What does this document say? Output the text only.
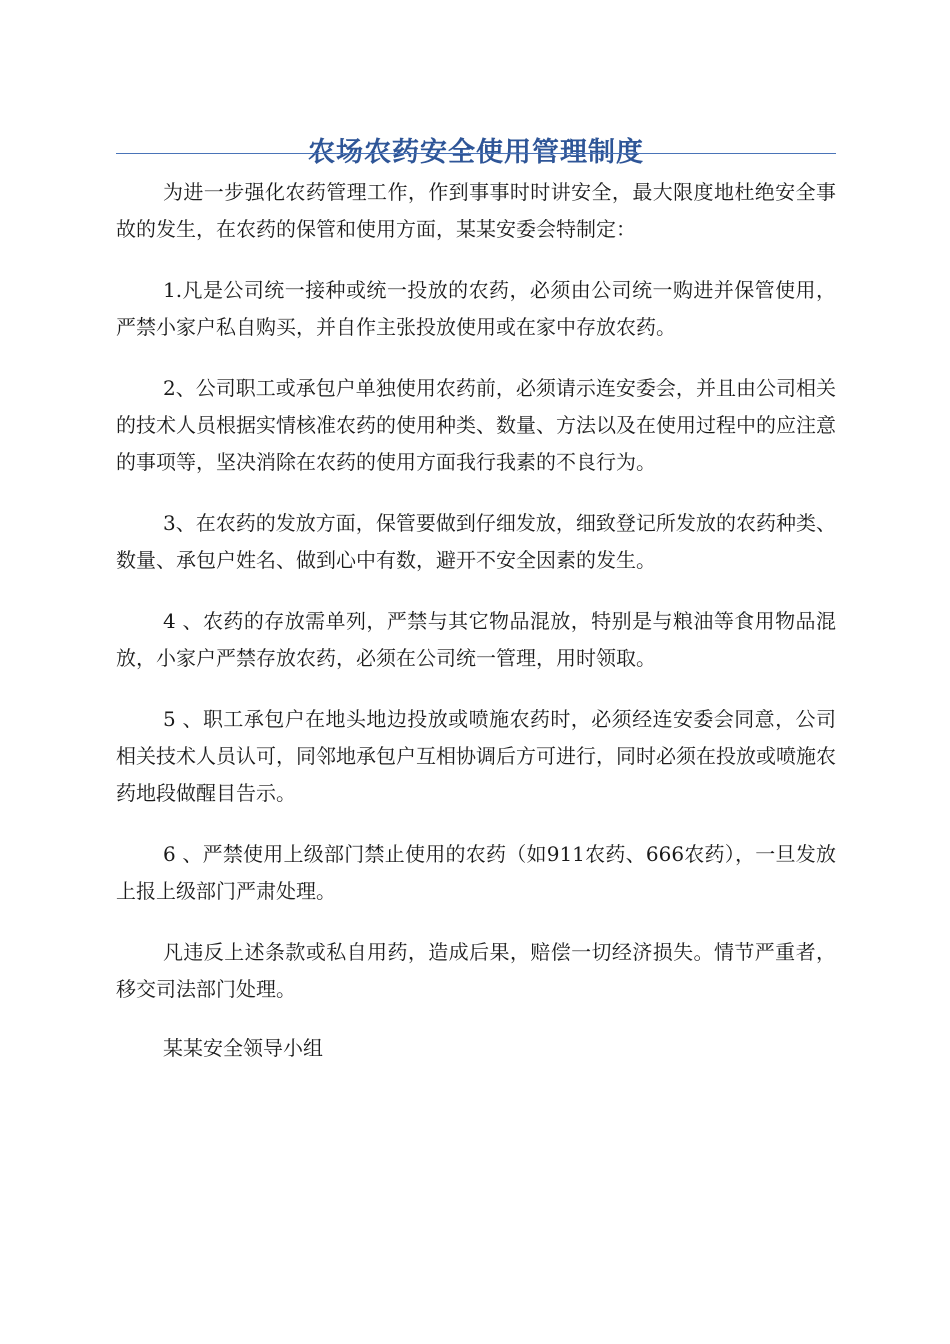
农场农药安全使用管理制度

为进一步强化农药管理工作，作到事事时时讲安全，最大限度地杜绝安全事故的发生，在农药的保管和使用方面，某某安委会特制定：

1.凡是公司统一接种或统一投放的农药，必须由公司统一购进并保管使用，严禁小家户私自购买，并自作主张投放使用或在家中存放农药。

2、公司职工或承包户单独使用农药前，必须请示连安委会，并且由公司相关的技术人员根据实情核准农药的使用种类、数量、方法以及在使用过程中的应注意的事项等，坚决消除在农药的使用方面我行我素的不良行为。

3、在农药的发放方面，保管要做到仔细发放，细致登记所发放的农药种类、数量、承包户姓名、做到心中有数，避开不安全因素的发生。

4 、农药的存放需单列，严禁与其它物品混放，特别是与粮油等食用物品混放，小家户严禁存放农药，必须在公司统一管理，用时领取。

5 、职工承包户在地头地边投放或喷施农药时，必须经连安委会同意，公司相关技术人员认可，同邻地承包户互相协调后方可进行，同时必须在投放或喷施农药地段做醒目告示。

6 、严禁使用上级部门禁止使用的农药（如911农药、666农药），一旦发放上报上级部门严肃处理。

凡违反上述条款或私自用药，造成后果，赔偿一切经济损失。情节严重者，移交司法部门处理。

某某安全领导小组
